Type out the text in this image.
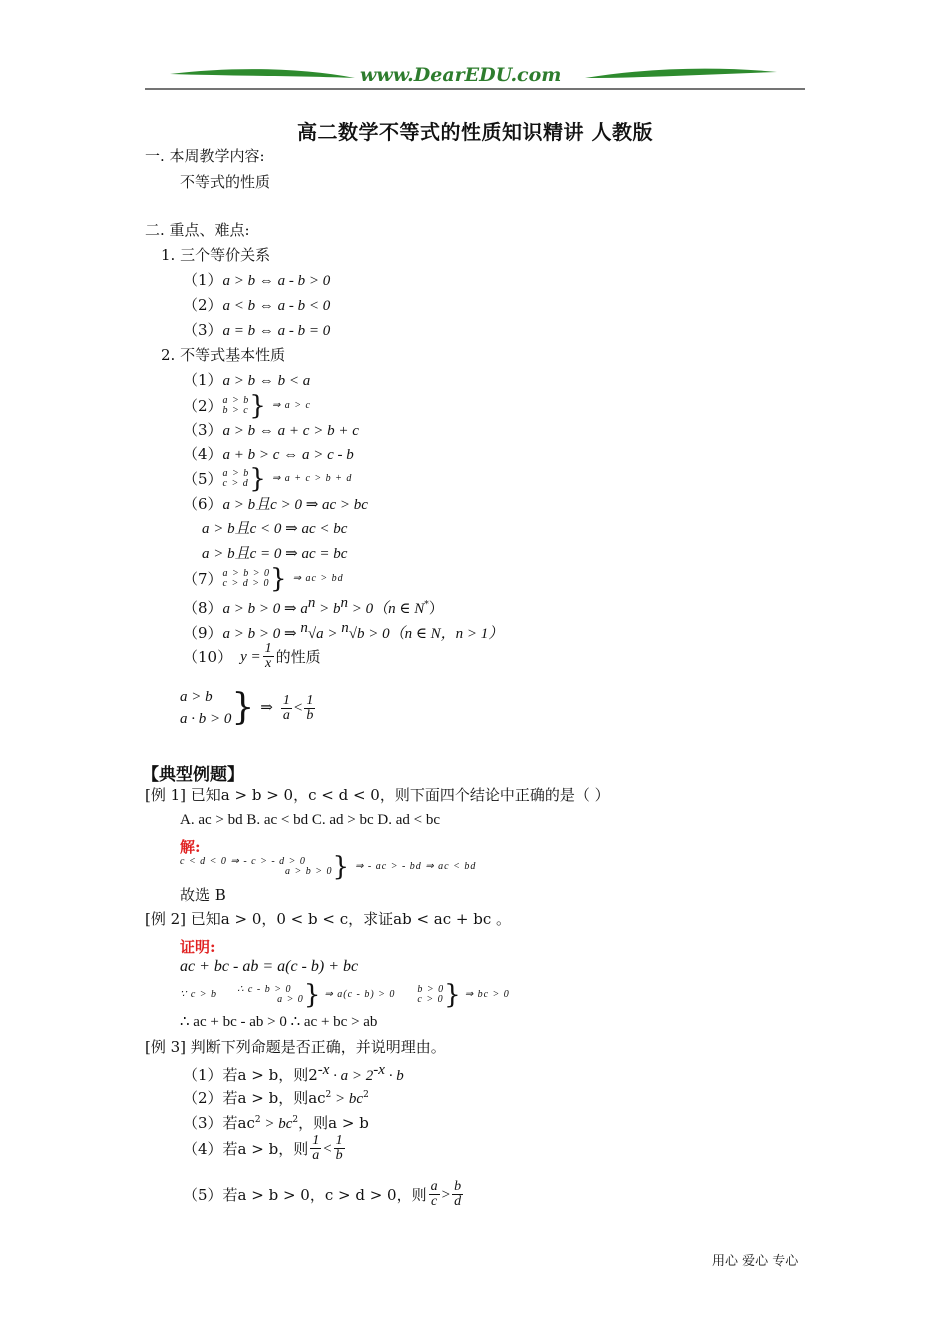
www.DearEDU.com
高二数学不等式的性质知识精讲 人教版
一. 本周教学内容:
不等式的性质
二. 重点、难点:
1. 三个等价关系
（1）a > b ⇔ a - b > 0
（2）a < b ⇔ a - b < 0
（3）a = b ⇔ a - b = 0
2. 不等式基本性质
（1）a > b ⇔ b < a
（2） a > b
b > c } ⇒ a > c
（3）a > b ⇔ a + c > b + c
（4）a + b > c ⇔ a > c - b
（5） a > b
c > d } ⇒ a + c > b + d
（6）a > b且c > 0 ⇒ ac > bc
a > b且c < 0 ⇒ ac < bc
a > b且c = 0 ⇒ ac = bc
（7） a > b > 0
c > d > 0 } ⇒ ac > bd
（8）a > b > 0 ⇒ $a^n > b^n > 0(n$ ∈ N*）
（9）a > b > 0 ⇒ $^n$√a > $^n$√b > 0（n ∈ N，n > 1）
（10） $y = \frac{1}{x}$ 的性质
a > b
a · b > 0 } ⇒ $\frac{1}{a} < \frac{1}{b}$
【典型例题】
[例 1] 已知a > b > 0，c < d < 0，则下面四个结论中正确的是（ ）
A. ac > bd B. ac < bd C. ad > bc D. ad < bc
解:
c < d < 0 ⇒ - c > - d > 0
a > b > 0 } ⇒ - ac > - bd ⇒ ac < bd
故选 B
[例 2] 已知a > 0，0 < b < c，求证ab < ac + bc 。
证明:
ac + bc - ab = a(c - b) + bc
∵ c > b ∴ c - b > 0
a > 0 } ⇒ a(c - b) > 0 b > 0
c > 0 } ⇒ bc > 0
∴ ac + bc - ab > 0 ∴ ac + bc > ab
[例 3] 判断下列命题是否正确，并说明理由。
（1）若a > b，则$2^{-x} \cdot a > 2^{-x} \cdot b$
（2）若a > b，则$ac^2 > bc^2$
（3）若$ac^2 > bc^2$，则a > b
（4）若a > b，则 $\frac{1}{a} < \frac{1}{b}$
（5）若a > b > 0，c > d > 0，则 $\frac{a}{c} > \frac{b}{d}$
用心 爱心 专心
